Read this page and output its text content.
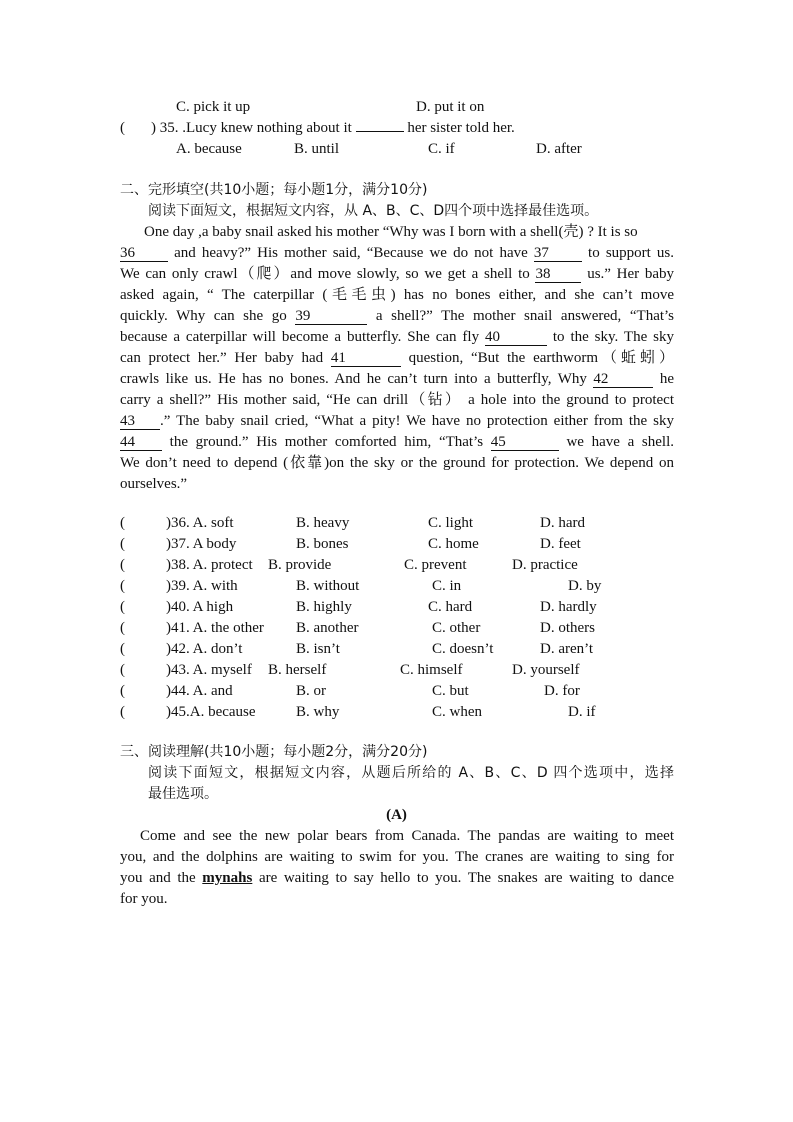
C. pick it up	D. put it on
( ) 35. .Lucy knew nothing about it	her sister told her.
A. because	B. until	C. if	D. after
二、完形填空(共10小题；每小题1分，满分10分)
阅读下面短文，根据短文内容，从 A、B、C、D四个项中选择最佳选项。
One day ,a baby snail asked his mother “Why was I born with a shell(壳) ? It is so
36	and heavy?” His mother said, “Because we do not have 37	to support us.
We can only crawl（爬）and move slowly, so we get a shell to 38 us.” Her baby
asked again, “ The caterpillar (毛毛虫) has no bones either, and she can’t move
quickly. Why can she go 39	a shell?” The mother snail answered, “That’s
because a caterpillar will become a butterfly. She can fly 40	to the sky. The sky
can protect her.” Her baby had 41	question, “But the earthworm（蚯蚓）
crawls like us. He has no bones. And he can’t turn into a butterfly, Why 42	he
carry a shell?” His mother said, “He can drill（钻） a hole into the ground to protect
43 .” The baby snail cried, “What a pity! We have no protection either from the sky
44 the ground.” His mother comforted him, “That’s 45	we have a shell.
We don’t need to depend (依靠)on the sky or the ground for protection. We depend on
ourselves.”
(	)36. A. soft	B. heavy	C. light	D. hard
(	)37. A body	B. bones	C. home	D. feet
(	)38. A. protect B. provide	C. prevent	D. practice
(	)39. A. with	B. without	C. in	D. by
(	)40. A high	B. highly	C. hard	D. hardly
(	)41. A. the other B. another	C. other	D. others
(	)42. A. don’t	B. isn’t	C. doesn’t	D. aren’t
(	)43. A. myself B. herself	C. himself	D. yourself
(	)44. A. and	B. or	C. but	D. for
(	)45.A. because	B. why	C. when	D. if
三、阅读理解(共10小题；每小题2分，满分20分)
阅读下面短文，根据短文内容，从题后所给的 A、B、C、D 四个选项中，选择
最佳选项。
(A)
Come and see the new polar bears from Canada. The pandas are waiting to meet
you, and the dolphins are waiting to swim for you. The cranes are waiting to sing for
you and the mynahs are waiting to say hello to you. The snakes are waiting to dance
for you.
